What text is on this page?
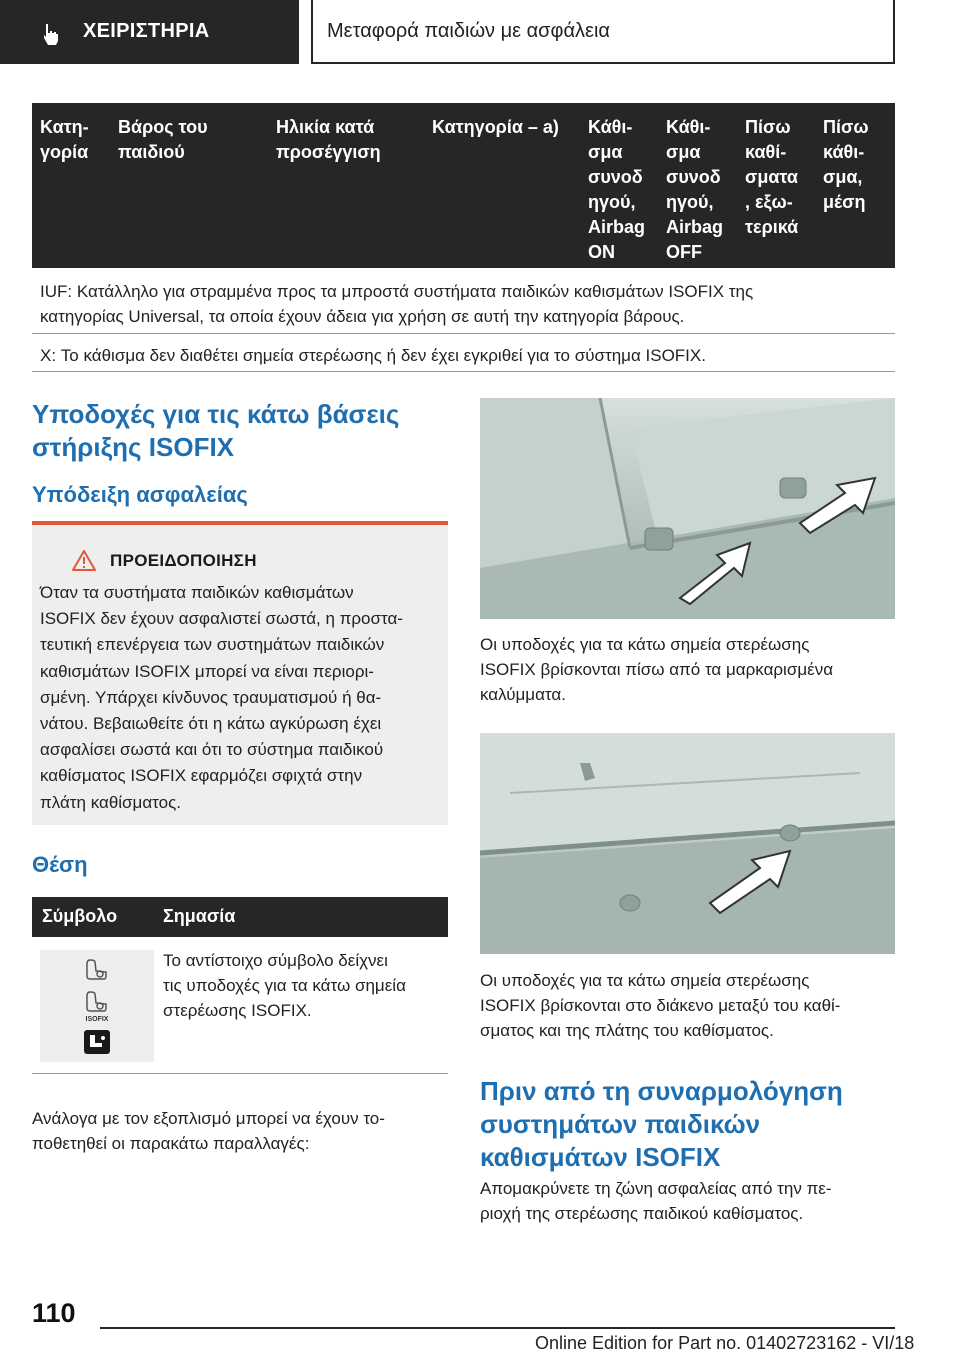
ΧΕΙΡΙΣΤΗΡΙΑ	Μεταφορά παιδιών με ασφάλεια
Κατη-
γορία
Βάρος του
παιδιού
Ηλικία κατά
προσέγγιση
Κατηγορία – a) Κάθι-
σμα
συνοδ
ηγού,
Airbag
ON
Κάθι-
σμα
συνοδ
ηγού,
Airbag
OFF
Πίσω
καθί-
σματα
, εξω-
τερικά
Πίσω
κάθι-
σμα,
μέση
IUF: Κατάλληλο για στραμμένα προς τα μπροστά συστήματα παιδικών καθισμάτων ISOFIX της
κατηγορίας Universal, τα οποία έχουν άδεια για χρήση σε αυτή την κατηγορία βάρους.
X: Το κάθισμα δεν διαθέτει σημεία στερέωσης ή δεν έχει εγκριθεί για το σύστημα ISOFIX.
Υποδοχές για τις κάτω βάσεις
στήριξης ISOFIX
Υπόδειξη ασφαλείας
ΠΡΟΕΙΔΟΠΟΙΗΣΗ
Όταν τα συστήματα παιδικών καθισμάτων
ISOFIX δεν έχουν ασφαλιστεί σωστά, η προστα-
τευτική επενέργεια των συστημάτων παιδικών
καθισμάτων ISOFIX μπορεί να είναι περιορι-
σμένη. Υπάρχει κίνδυνος τραυματισμού ή θα-
νάτου. Βεβαιωθείτε ότι η κάτω αγκύρωση έχει
ασφαλίσει σωστά και ότι το σύστημα παιδικού
καθίσματος ISOFIX εφαρμόζει σφιχτά στην
πλάτη καθίσματος.
Θέση
Σύμβολο	Σημασία
ISOFIX
Το αντίστοιχο σύμβολο δείχνει
τις υποδοχές για τα κάτω σημεία
στερέωσης ISOFIX.
Ανάλογα με τον εξοπλισμό μπορεί να έχουν το-
ποθετηθεί οι παρακάτω παραλλαγές:
Οι υποδοχές για τα κάτω σημεία στερέωσης
ISOFIX βρίσκονται πίσω από τα μαρκαρισμένα
καλύμματα.
Οι υποδοχές για τα κάτω σημεία στερέωσης
ISOFIX βρίσκονται στο διάκενο μεταξύ του καθί-
σματος και της πλάτης του καθίσματος.
Πριν από τη συναρμολόγηση
συστημάτων παιδικών
καθισμάτων ISOFIX
Απομακρύνετε τη ζώνη ασφαλείας από την πε-
ριοχή της στερέωσης παιδικού καθίσματος.
110
Online Edition for Part no. 01402723162 - VI/18
